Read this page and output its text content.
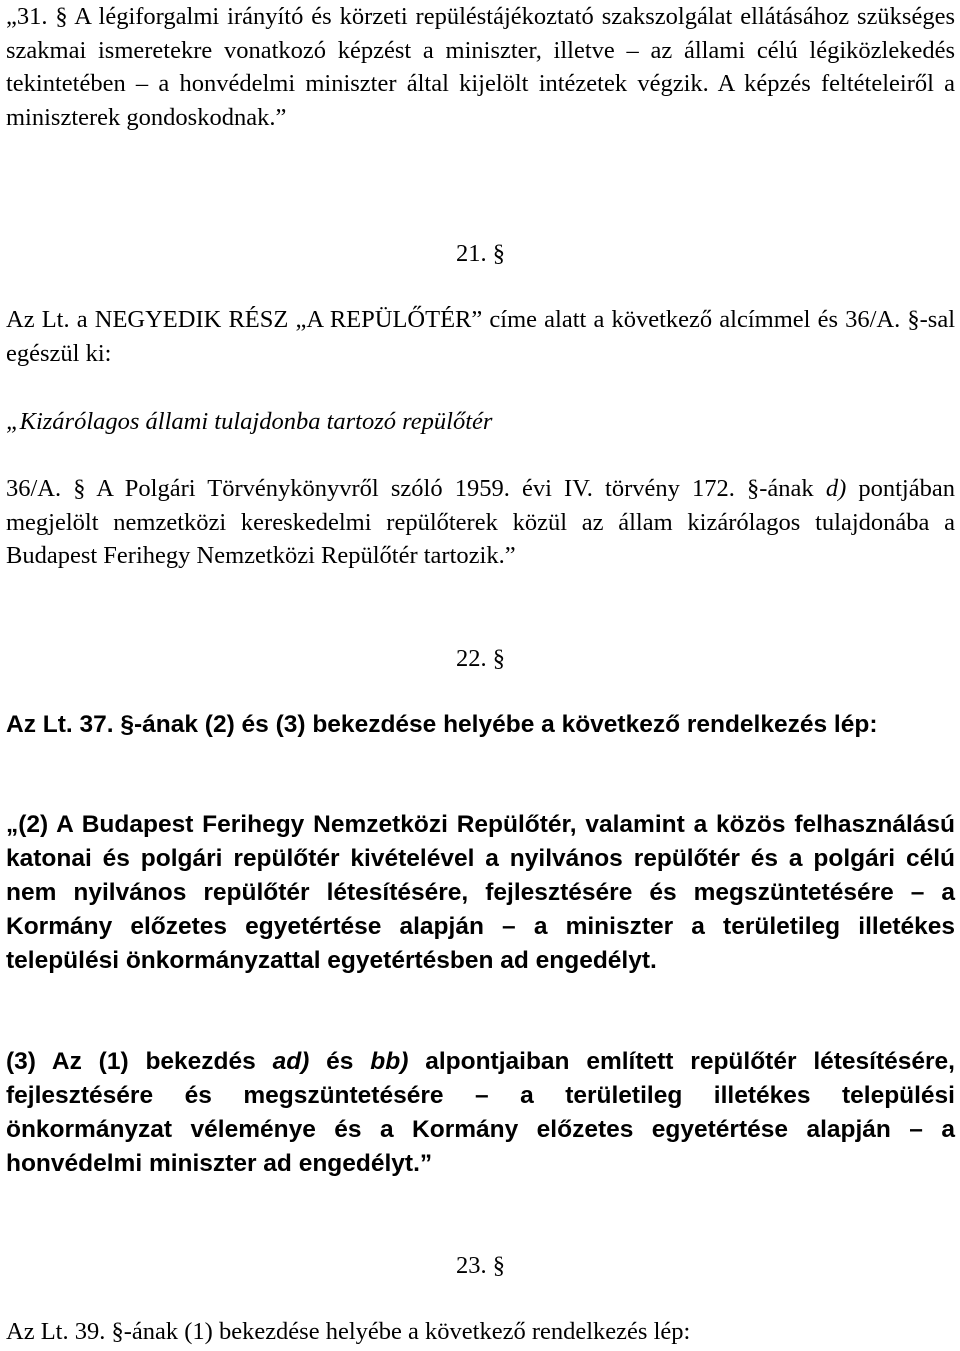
„31. § A légiforgalmi irányító és körzeti repüléstájékoztató szakszolgálat ellátásához szükséges szakmai ismeretekre vonatkozó képzést a miniszter, illetve – az állami célú légiközlekedés tekintetében – a honvédelmi miniszter által kijelölt intézetek végzik. A képzés feltételeiről a miniszterek gondoskodnak.”

21. §

Az Lt. a NEGYEDIK RÉSZ „A REPÜLŐTÉR” címe alatt a következő alcímmel és 36/A. §-sal egészül ki:

„Kizárólagos állami tulajdonba tartozó repülőtér

36/A. § A Polgári Törvénykönyvről szóló 1959. évi IV. törvény 172. §-ának d) pontjában megjelölt nemzetközi kereskedelmi repülőterek közül az állam kizárólagos tulajdonába a Budapest Ferihegy Nemzetközi Repülőtér tartozik.”

22. §

Az Lt. 37. §-ának (2) és (3) bekezdése helyébe a következő rendelkezés lép:

„(2) A Budapest Ferihegy Nemzetközi Repülőtér, valamint a közös felhasználású katonai és polgári repülőtér kivételével a nyilvános repülőtér és a polgári célú nem nyilvános repülőtér létesítésére, fejlesztésére és megszüntetésére – a Kormány előzetes egyetértése alapján – a miniszter a területileg illetékes települési önkormányzattal egyetértésben ad engedélyt.

(3) Az (1) bekezdés ad) és bb) alpontjaiban említett repülőtér létesítésére, fejlesztésére és megszüntetésére – a területileg illetékes települési önkormányzat véleménye és a Kormány előzetes egyetértése alapján – a honvédelmi miniszter ad engedélyt.”

23. §

Az Lt. 39. §-ának (1) bekezdése helyébe a következő rendelkezés lép:
